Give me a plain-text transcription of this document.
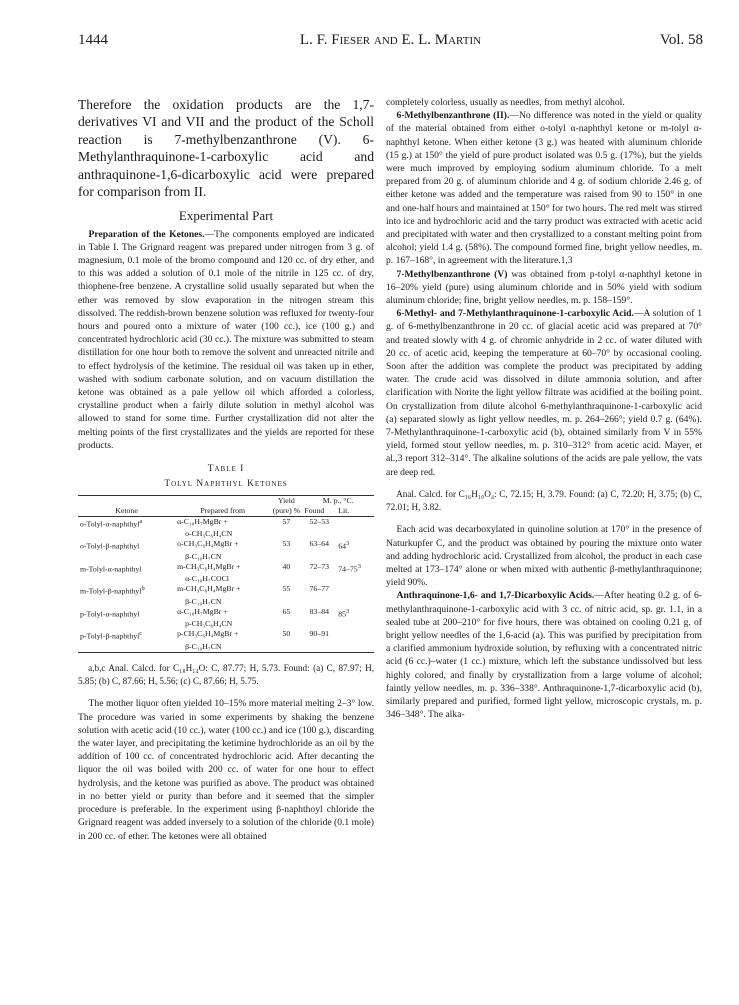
1444	L. F. Fieser and E. L. Martin	Vol. 58

Therefore the oxidation products are the 1,7-derivatives VI and VII and the product of the Scholl reaction is 7-methylbenzanthrone (V). 6-Methylanthraquinone-1-carboxylic acid and anthraquinone-1,6-dicarboxylic acid were prepared for comparison from II.

Experimental Part

Preparation of the Ketones.—The components employed are indicated in Table I. The Grignard reagent was prepared under nitrogen from 3 g. of magnesium, 0.1 mole of the bromo compound and 120 cc. of dry ether, and to this was added a solution of 0.1 mole of the nitrile in 125 cc. of dry, thiophene-free benzene. A crystalline solid usually separated but when the ether was removed by slow evaporation in the nitrogen stream this dissolved. The reddish-brown benzene solution was refluxed for twenty-four hours and poured onto a mixture of water (100 cc.), ice (100 g.) and concentrated hydrochloric acid (30 cc.). The mixture was submitted to steam distillation for one hour both to remove the solvent and unreacted nitrile and to effect hydrolysis of the ketimine. The residual oil was taken up in ether, washed with sodium carbonate solution, and on vacuum distillation the ketone was obtained as a pale yellow oil which afforded a colorless, crystalline product when a fairly dilute solution in methyl alcohol was allowed to stand for some time. Further crystallization did not alter the melting points of the first crystallizates and the yields are reported for these products.

Table I
Tolyl Naphthyl Ketones
Ketone	Prepared from	Yield (pure) %	M. p., °C.	
			Found	Lit.
o-Tolyl-α-naphthyl$^a$	α-C₁₀H₇MgBr +	57	52–53	
	o-CH₃C₆H₄CN			
o-Tolyl-β-naphthyl	o-CH₃C₆H₄MgBr +	53	63–64	$64^3$
	β-C₁₀H₇CN			
m-Tolyl-α-naphthyl	m-CH₃C₆H₄MgBr +	40	72–73	$74-75^3$
	α-C₁₀H₇COCl			
m-Tolyl-β-naphthyl$^b$	m-CH₃C₆H₄MgBr +	55	76–77	
	β-C₁₀H₇CN			
p-Tolyl-α-naphthyl	α-C₁₀H₇MgBr +	65	83–84	$85^3$
	p-CH₃C₆H₄CN			
p-Tolyl-β-naphthyl$^c$	p-CH₃C₆H₄MgBr +	50	90–91	
	β-C₁₀H₇CN			

a,b,c Anal. Calcd. for C₁₈H₁₄O: C, 87.77; H, 5.73. Found: (a) C, 87.97; H, 5.85; (b) C, 87.66; H, 5.56; (c) C, 87.66; H, 5.75.

The mother liquor often yielded 10–15% more material melting 2–3° low. The procedure was varied in some experiments by shaking the benzene solution with acetic acid (10 cc.), water (100 cc.) and ice (100 g.), discarding the water layer, and precipitating the ketimine hydrochloride as an oil by the addition of 100 cc. of concentrated hydrochloric acid. After decanting the liquor the oil was boiled with 200 cc. of water for one hour to effect hydrolysis, and the ketone was purified as above. The product was obtained in no better yield or purity than before and it seemed that the simpler procedure is preferable. In the experiment using β-naphthoyl chloride the Grignard reagent was added inversely to a solution of the chloride (0.1 mole) in 200 cc. of ether. The ketones were all obtained

completely colorless, usually as needles, from methyl alcohol.

6-Methylbenzanthrone (II).—No difference was noted in the yield or quality of the material obtained from either o-tolyl α-naphthyl ketone or m-tolyl α-naphthyl ketone. When either ketone (3 g.) was heated with aluminum chloride (15 g.) at 150° the yield of pure product isolated was 0.5 g. (17%), but the yields were much improved by employing sodium aluminum chloride. To a melt prepared from 20 g. of aluminum chloride and 4 g. of sodium chloride 2.46 g. of either ketone was added and the temperature was raised from 90 to 150° in one and one-half hours and maintained at 150° for two hours. The red melt was stirred into ice and hydrochloric acid and the tarry product was extracted with acetic acid and precipitated with water and then crystallized to a constant melting point from alcohol; yield 1.4 g. (58%). The compound formed fine, bright yellow needles, m. p. 167–168°, in agreement with the literature.1,3

7-Methylbenzanthrone (V) was obtained from p-tolyl α-naphthyl ketone in 16–20% yield (pure) using aluminum chloride and in 50% yield with sodium aluminum chloride; fine, bright yellow needles, m. p. 158–159°.

6-Methyl- and 7-Methylanthraquinone-1-carboxylic Acid.—A solution of 1 g. of 6-methylbenzanthrone in 20 cc. of glacial acetic acid was prepared at 70° and treated slowly with 4 g. of chromic anhydride in 2 cc. of water diluted with 20 cc. of acetic acid, keeping the temperature at 60–70° by occasional cooling. Soon after the addition was complete the product was precipitated by adding water. The crude acid was dissolved in dilute ammonia solution, and after clarification with Norite the light yellow filtrate was acidified at the boiling point. On crystallization from dilute alcohol 6-methylanthraquinone-1-carboxylic acid (a) separated slowly as light yellow needles, m. p. 264–266°; yield 0.7 g. (64%). 7-Methylanthraquinone-1-carboxylic acid (b), obtained similarly from V in 55% yield, formed stout yellow needles, m. p. 310–312° from acetic acid. Mayer, et al.,3 report 312–314°. The alkaline solutions of the acids are pale yellow, the vats are deep red.

Anal. Calcd. for C₁₆H₁₀O₄: C, 72.15; H, 3.79. Found: (a) C, 72.20; H, 3.75; (b) C, 72.01; H, 3.82.

Each acid was decarboxylated in quinoline solution at 170° in the presence of Naturkupfer C, and the product was obtained by pouring the mixture onto water and adding hydrochloric acid. Crystallized from alcohol, the product in each case melted at 173–174° alone or when mixed with authentic β-methylanthraquinone; yield 90%.

Anthraquinone-1,6- and 1,7-Dicarboxylic Acids.—After heating 0.2 g. of 6-methylanthraquinone-1-carboxylic acid with 3 cc. of nitric acid, sp. gr. 1.1, in a sealed tube at 200–210° for five hours, there was obtained on cooling 0.21 g. of bright yellow needles of the 1,6-acid (a). This was purified by precipitation from a clarified ammonium hydroxide solution, by refluxing with a concentrated nitric acid (6 cc.)–water (1 cc.) mixture, which left the substance undissolved but less highly colored, and finally by crystallization from a large volume of alcohol; faintly yellow needles, m. p. 336–338°. Anthraquinone-1,7-dicarboxylic acid (b), similarly prepared and purified, formed light yellow, microscopic crystals, m. p. 346–348°. The alka-
